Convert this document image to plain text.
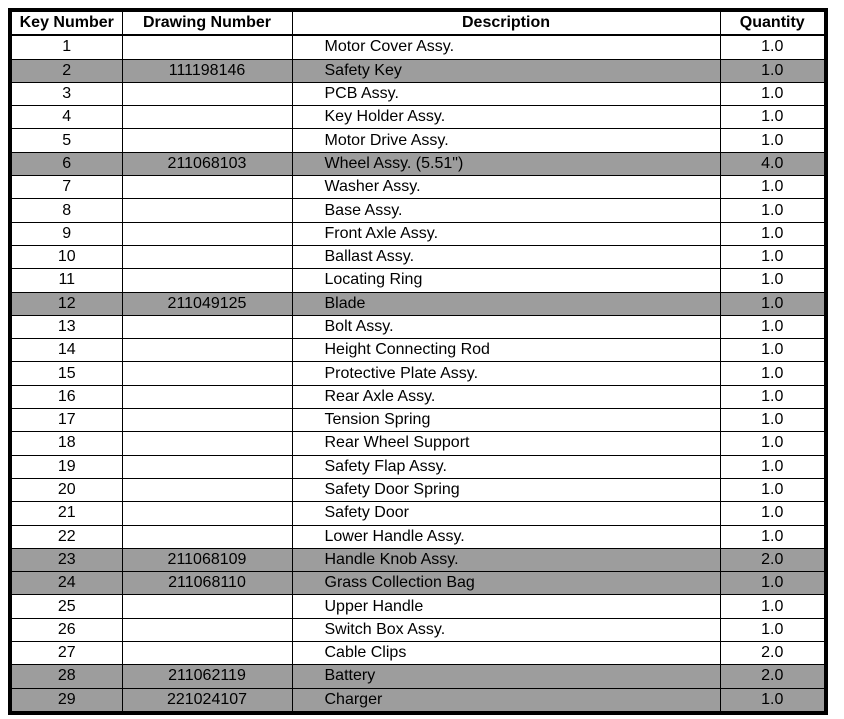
Key Number	Drawing Number	Description	Quantity
1		Motor Cover Assy.	1.0
2	111198146	Safety Key	1.0
3		PCB Assy.	1.0
4		Key Holder Assy.	1.0
5		Motor Drive Assy.	1.0
6	211068103	Wheel Assy. (5.51")	4.0
7		Washer Assy.	1.0
8		Base Assy.	1.0
9		Front Axle Assy.	1.0
10		Ballast Assy.	1.0
11		Locating Ring	1.0
12	211049125	Blade	1.0
13		Bolt Assy.	1.0
14		Height Connecting Rod	1.0
15		Protective Plate Assy.	1.0
16		Rear Axle Assy.	1.0
17		Tension Spring	1.0
18		Rear Wheel Support	1.0
19		Safety Flap Assy.	1.0
20		Safety Door Spring	1.0
21		Safety Door	1.0
22		Lower Handle Assy.	1.0
23	211068109	Handle Knob Assy.	2.0
24	211068110	Grass Collection Bag	1.0
25		Upper Handle	1.0
26		Switch Box Assy.	1.0
27		Cable Clips	2.0
28	211062119	Battery	2.0
29	221024107	Charger	1.0
